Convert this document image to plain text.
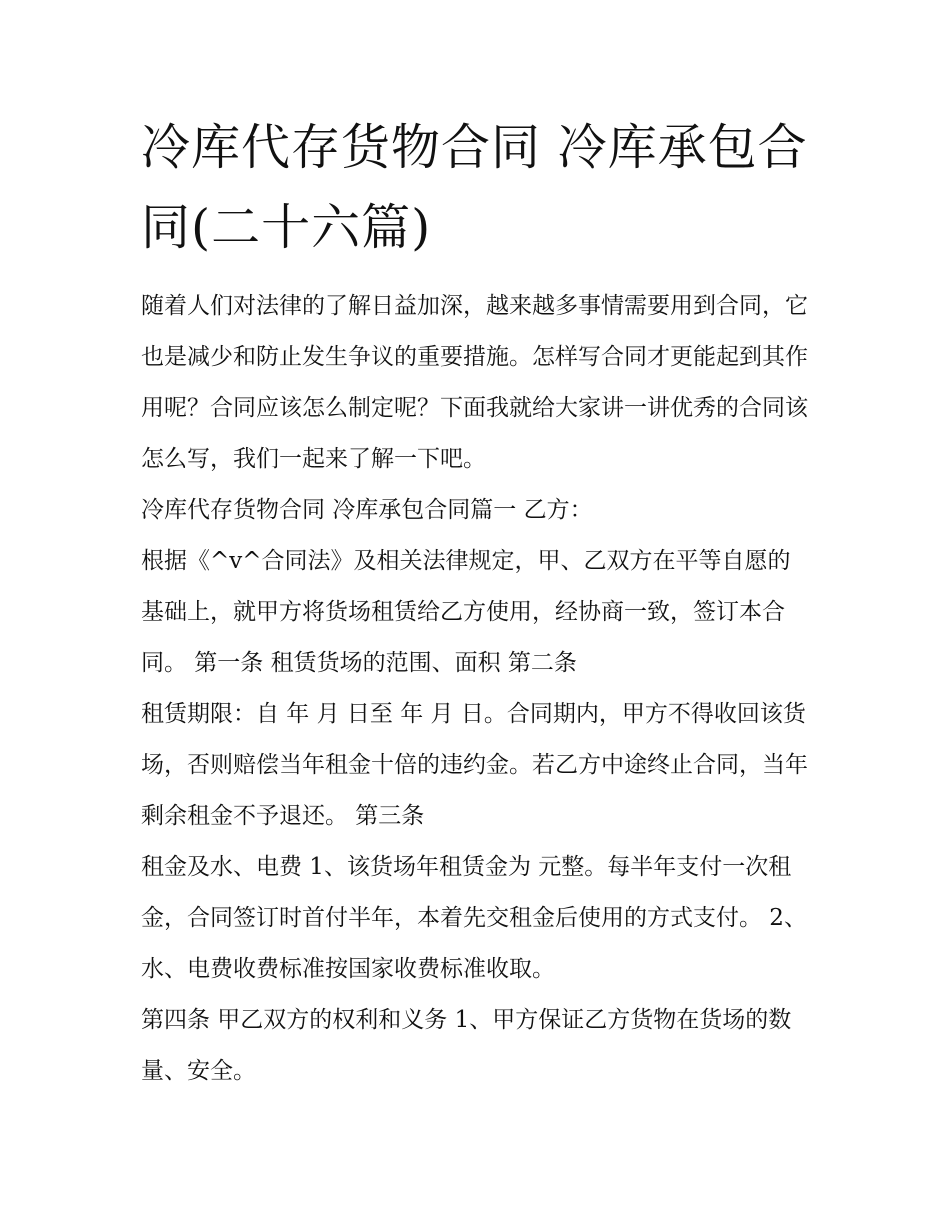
冷库代存货物合同 冷库承包合同(二十六篇)

随着人们对法律的了解日益加深，越来越多事情需要用到合同，它也是减少和防止发生争议的重要措施。怎样写合同才更能起到其作用呢？合同应该怎么制定呢？下面我就给大家讲一讲优秀的合同该怎么写，我们一起来了解一下吧。

冷库代存货物合同 冷库承包合同篇一 乙方：

根据《^v^合同法》及相关法律规定，甲、乙双方在平等自愿的基础上，就甲方将货场租赁给乙方使用，经协商一致，签订本合同。 第一条 租赁货场的范围、面积 第二条

租赁期限：自 年 月 日至 年 月 日。合同期内，甲方不得收回该货场，否则赔偿当年租金十倍的违约金。若乙方中途终止合同，当年剩余租金不予退还。 第三条

租金及水、电费 1、该货场年租赁金为 元整。每半年支付一次租金，合同签订时首付半年，本着先交租金后使用的方式支付。 2、水、电费收费标准按国家收费标准收取。

第四条 甲乙双方的权利和义务 1、甲方保证乙方货物在货场的数量、安全。
